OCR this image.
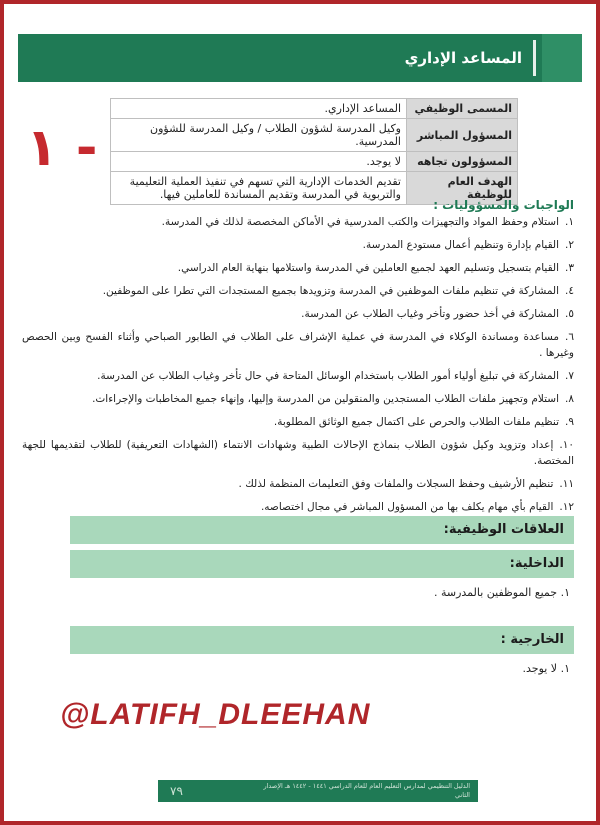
المساعد الإداري
المسمى الوظيفي	المساعد الإداري.
المسؤول المباشر	وكيل المدرسة لشؤون الطلاب / وكيل المدرسة للشؤون المدرسية.
المسؤولون تجاهه	لا يوجد.
الهدف العام للوظيفة	تقديم الخدمات الإدارية التي تسهم في تنفيذ العملية التعليمية والتربوية في المدرسة وتقديم المساندة للعاملين فيها.
١ -
الواجبات والمسؤوليات :
١.استلام وحفظ المواد والتجهيزات والكتب المدرسية في الأماكن المخصصة لذلك في المدرسة.
٢.القيام بإدارة وتنظيم أعمال مستودع المدرسة.
٣.القيام بتسجيل وتسليم العهد لجميع العاملين في المدرسة واستلامها بنهاية العام الدراسي.
٤.المشاركة في تنظيم ملفات الموظفين في المدرسة وتزويدها بجميع المستجدات التي تطرا على الموظفين.
٥.المشاركة في أخذ حضور وتأخر وغياب الطلاب عن المدرسة.
٦.مساعدة ومساندة الوكلاء في المدرسة في عملية الإشراف على الطلاب في الطابور الصباحي وأثناء الفسح وبين الحصص وغيرها .
٧.المشاركة في تبليغ أولياء أمور الطلاب باستخدام الوسائل المتاحة في حال تأخر وغياب الطلاب عن المدرسة.
٨.استلام وتجهيز ملفات الطلاب المستجدين والمنقولين من المدرسة وإليها، وإنهاء جميع المخاطبات والإجراءات.
٩.تنظيم ملفات الطلاب والحرص على اكتمال جميع الوثائق المطلوبة.
١٠.إعداد وتزويد وكيل شؤون الطلاب بنماذج الإحالات الطبية وشهادات الانتماء (الشهادات التعريفية) للطلاب لتقديمها للجهة المختصة.
١١.تنظيم الأرشيف وحفظ السجلات والملفات وفق التعليمات المنظمة لذلك .
١٢.القيام بأي مهام يكلف بها من المسؤول المباشر في مجال اختصاصه.
العلاقات الوظيفية:
الداخلية:
١. جميع الموظفين بالمدرسة .
الخارجية :
١. لا يوجد.
@LATIFH_DLEEHAN
٧٩	الدليل التنظيمي لمدارس التعليم العام للعام الدراسي ١٤٤١ - ١٤٤٢ هـ الإصدار الثاني
